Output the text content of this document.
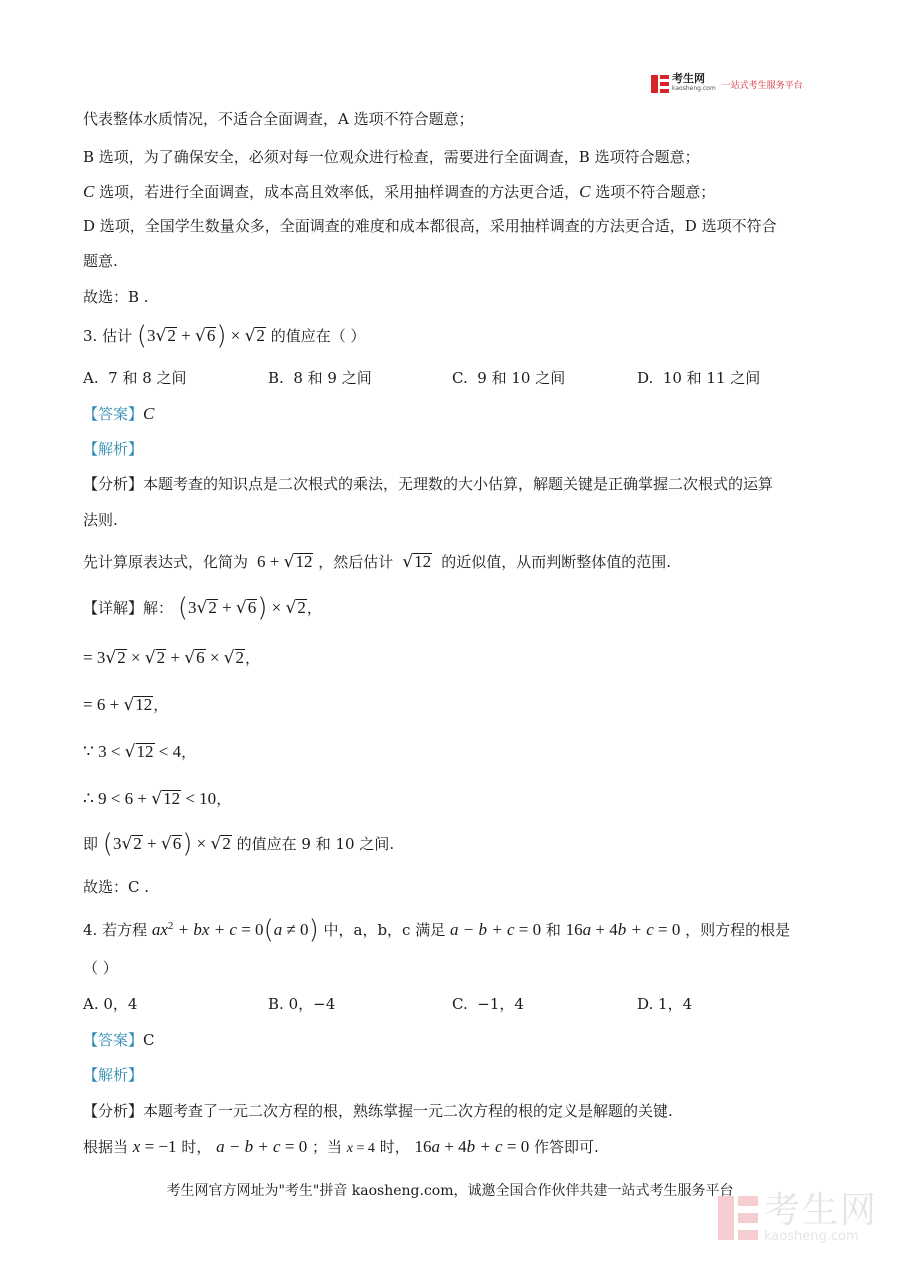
考生网
kaosheng.com 一站式考生服务平台
代表整体水质情况，不适合全面调查，A 选项不符合题意；
B 选项，为了确保安全，必须对每一位观众进行检查，需要进行全面调查，B 选项符合题意；
C 选项，若进行全面调查，成本高且效率低，采用抽样调查的方法更合适，C 选项不符合题意；
D 选项，全国学生数量众多，全面调查的难度和成本都很高，采用抽样调查的方法更合适，D 选项不符合
题意.
故选：B .
3. 估计 (3√2 + √6) × √2 的值应在（ ）
A. 7 和 8 之间	B. 8 和 9 之间	C. 9 和 10 之间	D. 10 和 11 之间
【答案】C
【解析】
【分析】本题考查的知识点是二次根式的乘法，无理数的大小估算，解题关键是正确掌握二次根式的运算
法则.
先计算原表达式，化简为  6 + √12 ，然后估计 √12 的近似值，从而判断整体值的范围.
【详解】解： (3√2 + √6) × √2，
= 3√2 × √2 + √6 × √2，
= 6 + √12，
∵ 3 < √12 < 4，
∴ 9 < 6 + √12 < 10，
即 (3√2 + √6) × √2 的值应在 9 和 10 之间.
故选：C .
4. 若方程 $ax^2$ + bx + c = 0(a ≠ 0) 中，a，b，c 满足 a − b + c = 0 和 16a + 4b + c = 0 ，则方程的根是
（ ）
A. 0，4	B. 0，−4	C. −1，4	D. 1，4
【答案】C
【解析】
【分析】本题考查了一元二次方程的根，熟练掌握一元二次方程的根的定义是解题的关键.
根据当 x = −1 时， a − b + c = 0 ；当 x = 4 时， 16a + 4b + c = 0 作答即可.
考生网官方网址为"考生"拼音 kaosheng.com，诚邀全国合作伙伴共建一站式考生服务平台 考生网
kaosheng.com
